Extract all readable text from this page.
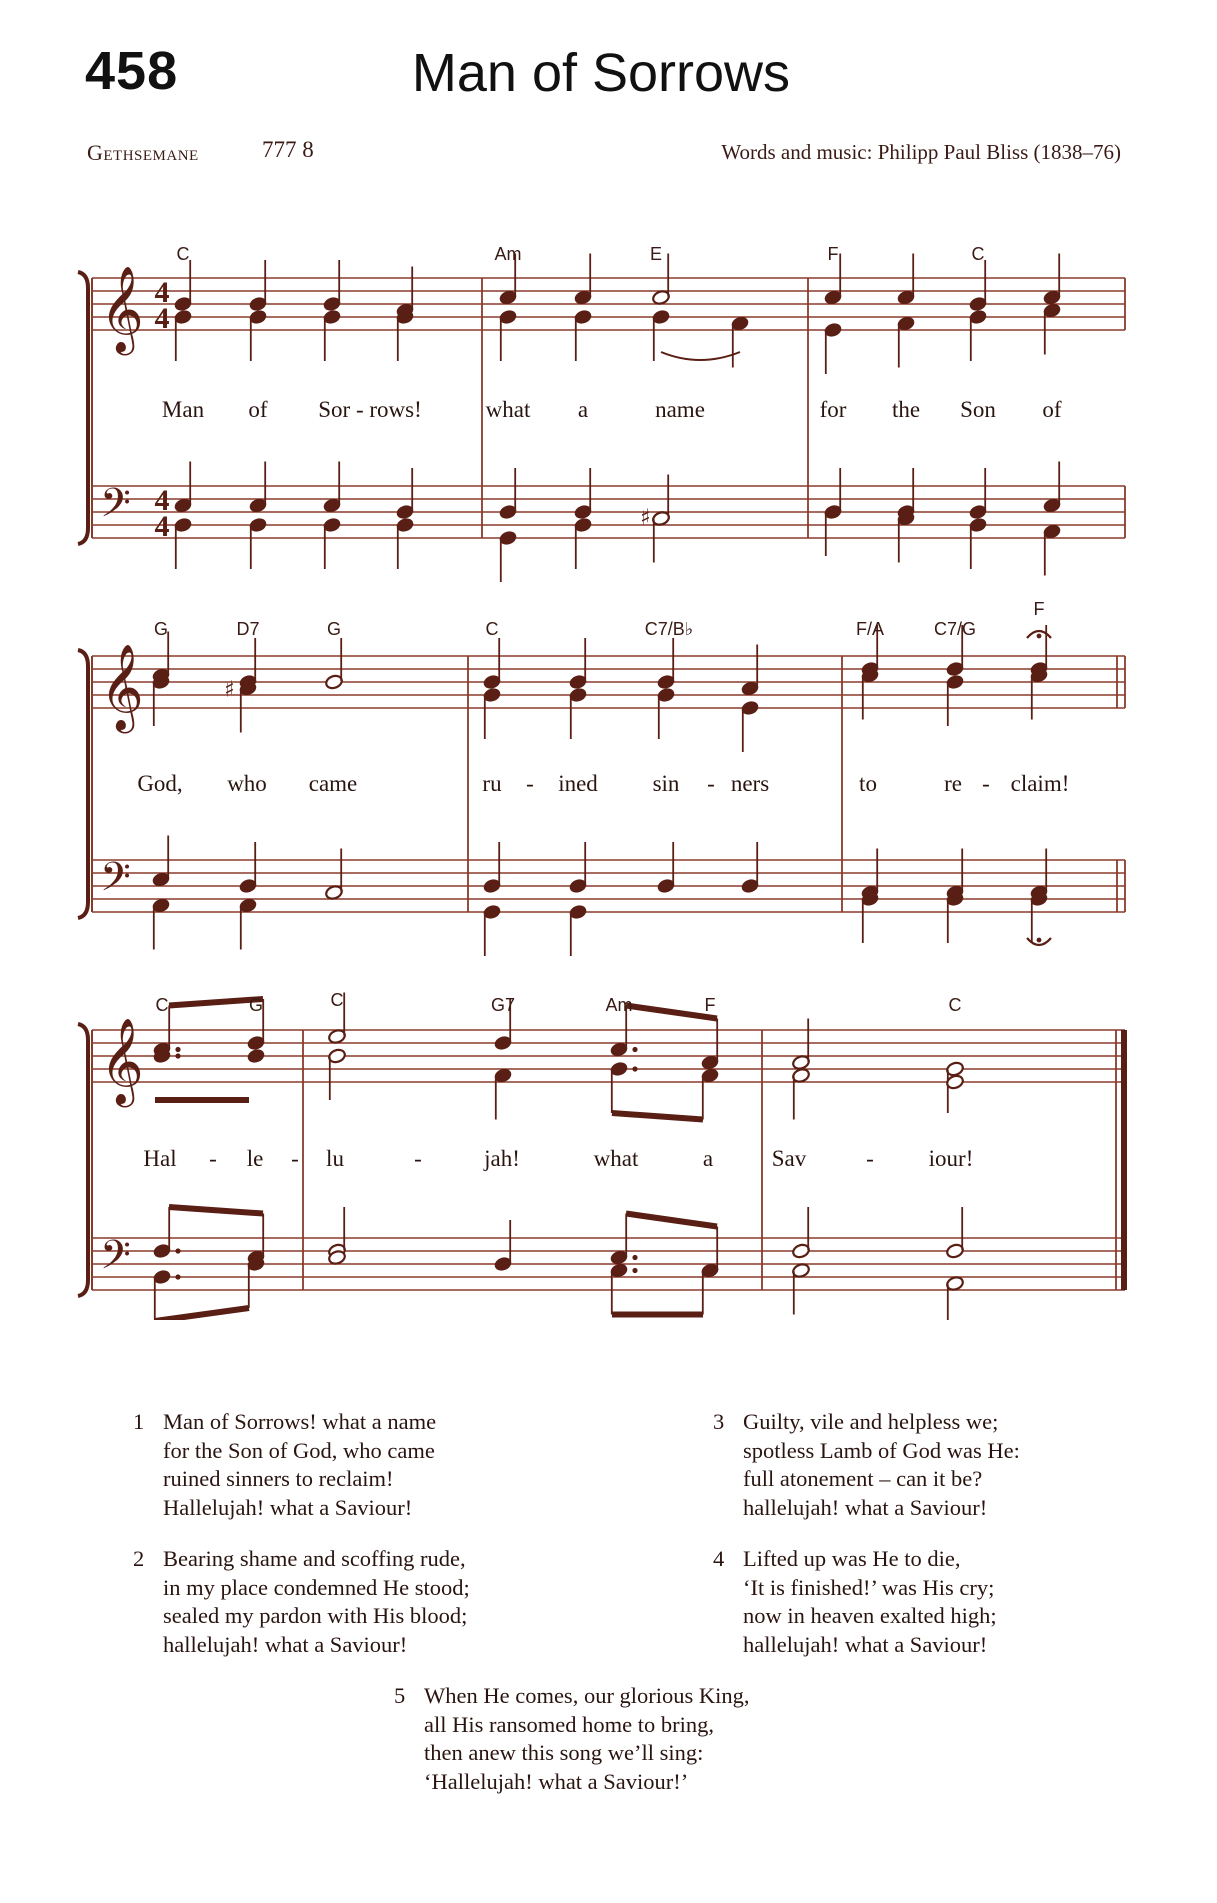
458	Man of Sorrows
Gethsemane	777 8	Words and music: Philipp Paul Bliss (1838–76)
𝄞
𝄢
4
4
4
4
𝄞
𝄢
𝄞
𝄢
♯
♯
C	Am	E	F	C
Man of Sor - rows!	what a	name	for the Son of
G	D7	G	C	C7/B♭	F/A	C7/G
F
God, who came	ru - ined sin - ners	to	re - claim!
C	G	C	G7	Am	F	C
Hal - le - lu	-	jah!	what	a	Sav	- iour!
1 Man of Sorrows! what a name
for the Son of God, who came
ruined sinners to reclaim!
Hallelujah! what a Saviour!
2 Bearing shame and scoffing rude,
in my place condemned He stood;
sealed my pardon with His blood;
hallelujah! what a Saviour!
3 Guilty, vile and helpless we;
spotless Lamb of God was He:
full atonement – can it be?
hallelujah! what a Saviour!
4 Lifted up was He to die,
‘It is finished!’ was His cry;
now in heaven exalted high;
hallelujah! what a Saviour!
5 When He comes, our glorious King,
all His ransomed home to bring,
then anew this song we’ll sing:
‘Hallelujah! what a Saviour!’
